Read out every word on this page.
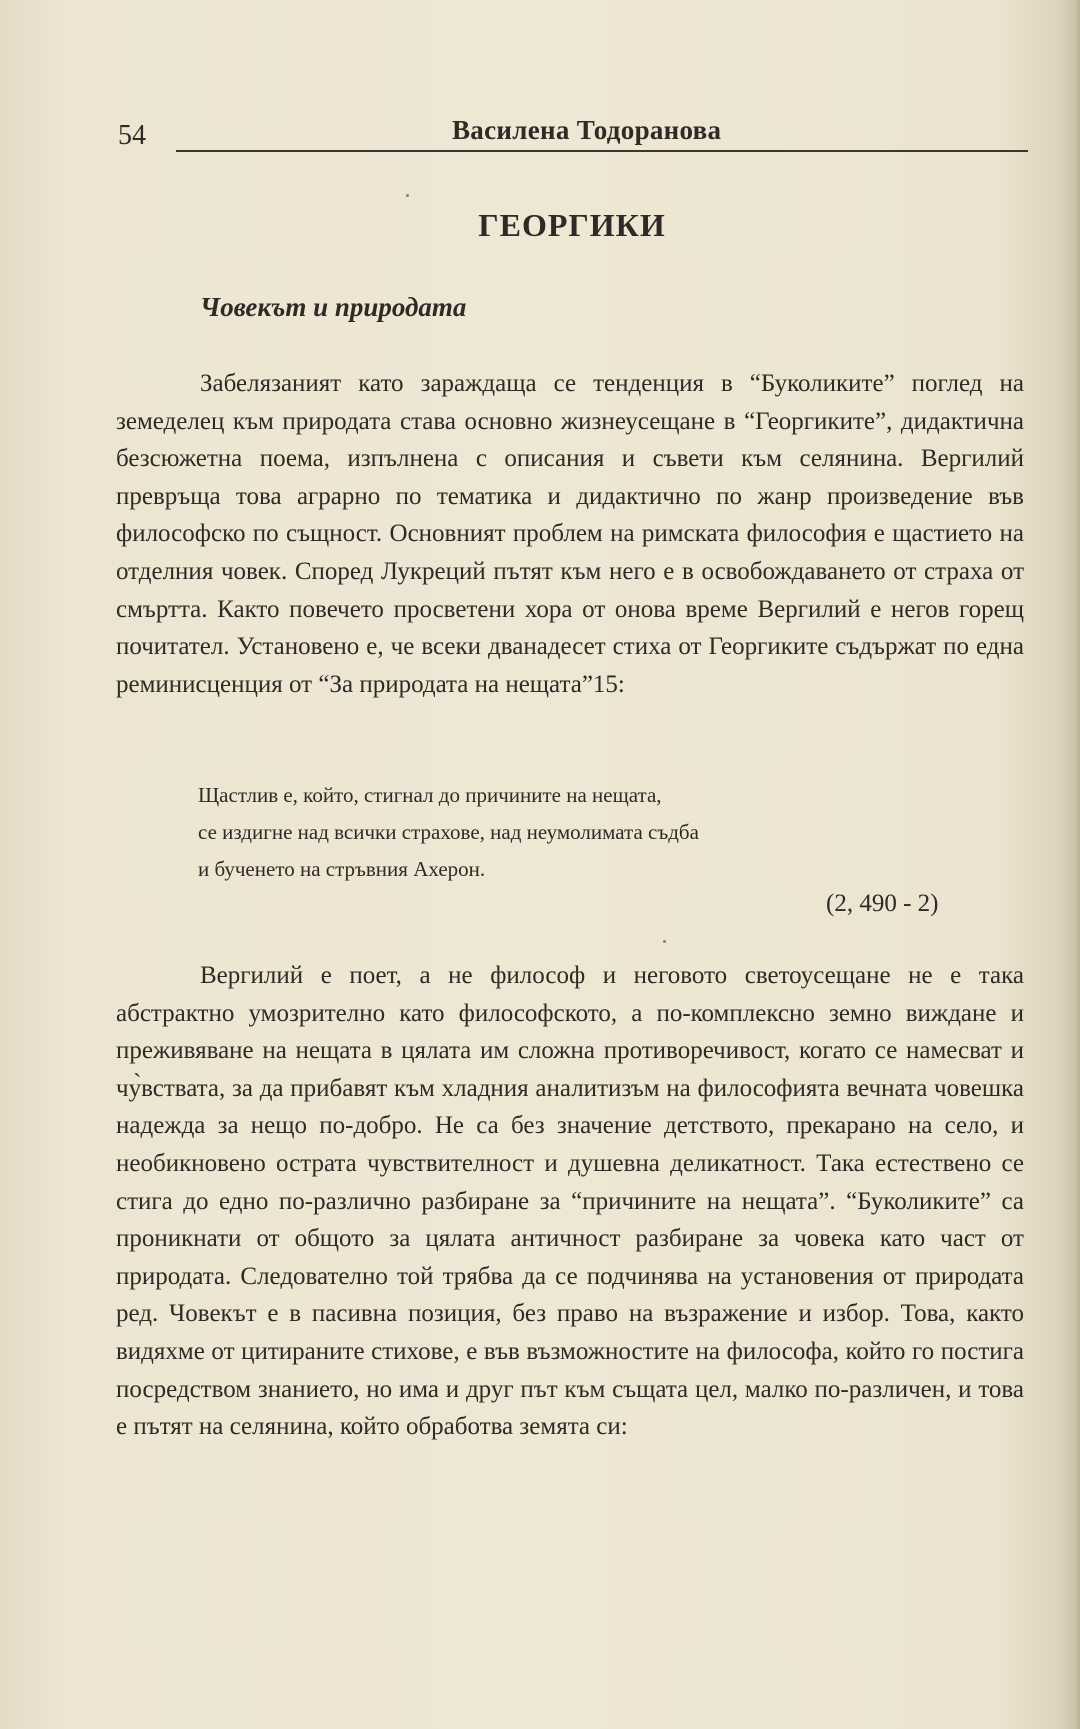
54	Василена Тодоранова
ГЕОРГИКИ
Човекът и природата

Забелязаният като зараждаща се тенденция в “Буколиките” поглед на земеделец към природата става основно жизнеусещане в “Георгиките”, дидактична безсюжетна поема, изпълнена с описания и съвети към селянина. Вергилий превръща това аграрно по тематика и дидактично по жанр произведение във философско по същност. Основният проблем на римската философия е щастието на отделния човек. Според Лукреций пътят към него е в освобождаването от страха от смъртта. Както повечето просветени хора от онова време Вергилий е негов горещ почитател. Установено е, че всеки дванадесет стиха от Георгиките съдържат по една реминисценция от “За природата на нещата”15:

Щастлив е, който, стигнал до причините на нещата,
се издигне над всички страхове, над неумолимата съдба
и бученето на стръвния Ахерон.
(2, 490 - 2)

Вергилий е поет, а не философ и неговото светоусещане не е така абстрактно умозрително като философското, а по-комплексно земно виждане и преживяване на нещата в цялата им сложна противоречивост, когато се намесват и чу̀вствата, за да прибавят към хладния аналитизъм на философията вечната човешка надежда за нещо по-добро. Не са без значение детството, прекарано на село, и необикновено острата чувствителност и душевна деликатност. Така естествено се стига до едно по-различно разбиране за “причините на нещата”. “Буколиките” са проникнати от общото за цялата античност разбиране за човека като част от природата. Следователно той трябва да се подчинява на установения от природата ред. Човекът е в пасивна позиция, без право на възражение и избор. Това, както видяхме от цитираните стихове, е във възможностите на философа, който го постига посредством знанието, но има и друг път към същата цел, малко по-различен, и това е пътят на селянина, който обработва земята си:
